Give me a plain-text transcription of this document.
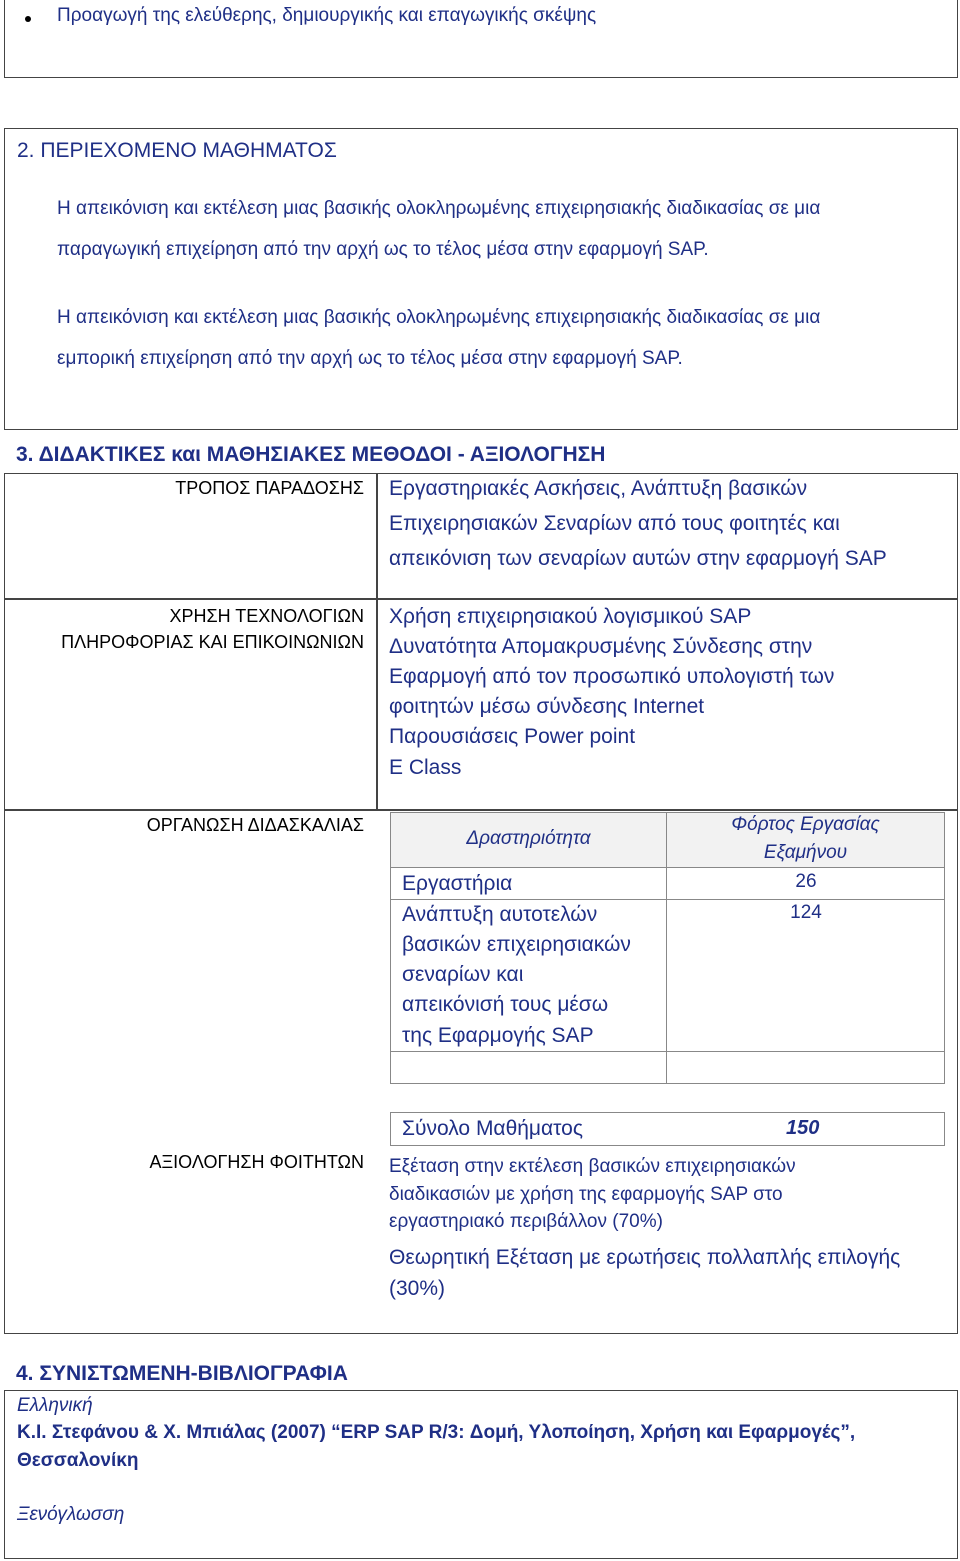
Προαγωγή της ελεύθερης, δημιουργικής και επαγωγικής σκέψης
2. ΠΕΡΙΕΧΟΜΕΝΟ ΜΑΘΗΜΑΤΟΣ
Η απεικόνιση και εκτέλεση μιας βασικής ολοκληρωμένης επιχειρησιακής διαδικασίας σε μια
παραγωγική επιχείρηση από την αρχή ως το τέλος μέσα στην εφαρμογή SAP.
Η απεικόνιση και εκτέλεση μιας βασικής ολοκληρωμένης επιχειρησιακής διαδικασίας σε μια
εμπορική επιχείρηση από την αρχή ως το τέλος μέσα στην εφαρμογή SAP.
3. ΔΙΔΑΚΤΙΚΕΣ και ΜΑΘΗΣΙΑΚΕΣ ΜΕΘΟΔΟΙ - ΑΞΙΟΛΟΓΗΣΗ
ΤΡΟΠΟΣ ΠΑΡΑΔΟΣΗΣ Εργαστηριακές Ασκήσεις, Ανάπτυξη βασικών
Επιχειρησιακών Σεναρίων από τους φοιτητές και
απεικόνιση των σεναρίων αυτών στην εφαρμογή SAP
ΧΡΗΣΗ ΤΕΧΝΟΛΟΓΙΩΝ
ΠΛΗΡΟΦΟΡΙΑΣ ΚΑΙ ΕΠΙΚΟΙΝΩΝΙΩΝ
Χρήση επιχειρησιακού λογισμικού SAP
Δυνατότητα Απομακρυσμένης Σύνδεσης στην
Εφαρμογή από τον προσωπικό υπολογιστή των
φοιτητών μέσω σύνδεσης Internet
Παρουσιάσεις Power point
E Class
ΟΡΓΑΝΩΣΗ ΔΙΔΑΣΚΑΛΙΑΣ
Δραστηριότητα
Φόρτος Εργασίας
Εξαμήνου
Εργαστήρια	26
Ανάπτυξη αυτοτελών
βασικών επιχειρησιακών
σεναρίων και
απεικόνισή τους μέσω
της Εφαρμογής SAP
124
Σύνολο Μαθήματος	150
ΑΞΙΟΛΟΓΗΣΗ ΦΟΙΤΗΤΩΝ Εξέταση στην εκτέλεση βασικών επιχειρησιακών
διαδικασιών με χρήση της εφαρμογής SAP στο
εργαστηριακό περιβάλλον (70%)
Θεωρητική Εξέταση με ερωτήσεις πολλαπλής επιλογής
(30%)
4. ΣΥΝΙΣΤΩΜΕΝΗ-ΒΙΒΛΙΟΓΡΑΦΙΑ
Ελληνική
Κ.Ι. Στεφάνου & Χ. Μπιάλας (2007) “ERP SAP R/3: Δομή, Υλοποίηση, Χρήση και Εφαρμογές”,
Θεσσαλονίκη
Ξενόγλωσση
